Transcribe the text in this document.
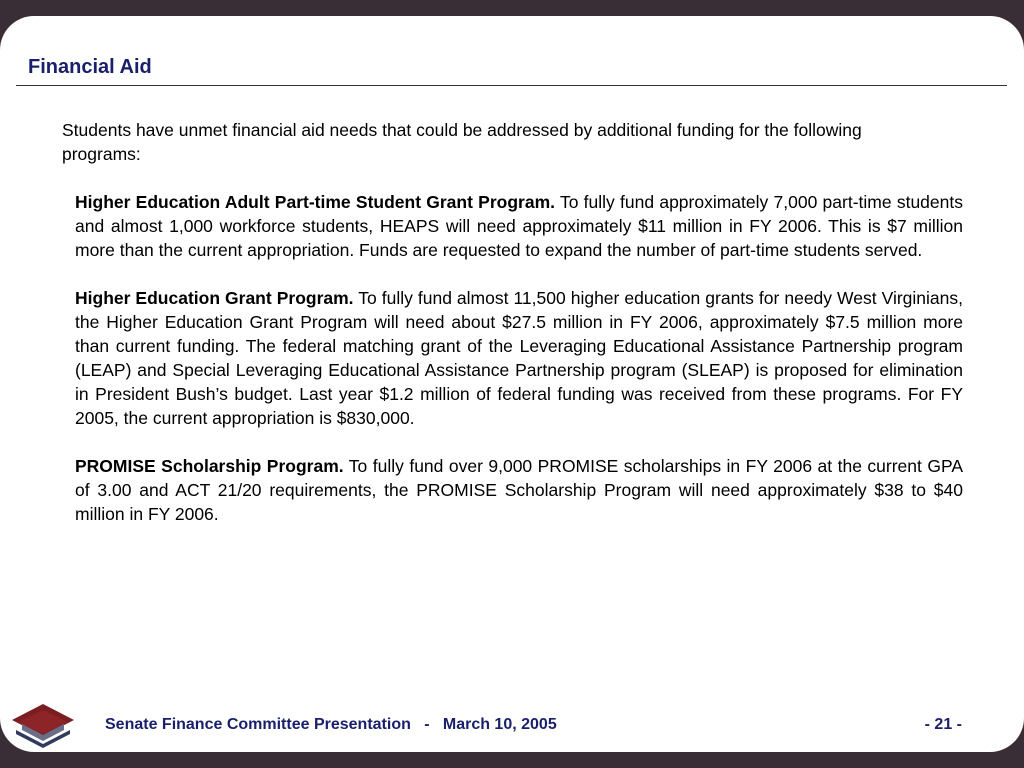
Financial Aid

Students have unmet financial aid needs that could be addressed by additional funding for the following programs:

Higher Education Adult Part-time Student Grant Program. To fully fund approximately 7,000 part-time students and almost 1,000 workforce students, HEAPS will need approximately $11 million in FY 2006. This is $7 million more than the current appropriation. Funds are requested to expand the number of part-time students served.

Higher Education Grant Program. To fully fund almost 11,500 higher education grants for needy West Virginians, the Higher Education Grant Program will need about $27.5 million in FY 2006, approximately $7.5 million more than current funding. The federal matching grant of the Leveraging Educational Assistance Partnership program (LEAP) and Special Leveraging Educational Assistance Partnership program (SLEAP) is proposed for elimination in President Bush’s budget. Last year $1.2 million of federal funding was received from these programs. For FY 2005, the current appropriation is $830,000.

PROMISE Scholarship Program. To fully fund over 9,000 PROMISE scholarships in FY 2006 at the current GPA of 3.00 and ACT 21/20 requirements, the PROMISE Scholarship Program will need approximately $38 to $40 million in FY 2006.

Senate Finance Committee Presentation   -   March 10, 2005	- 21 -
